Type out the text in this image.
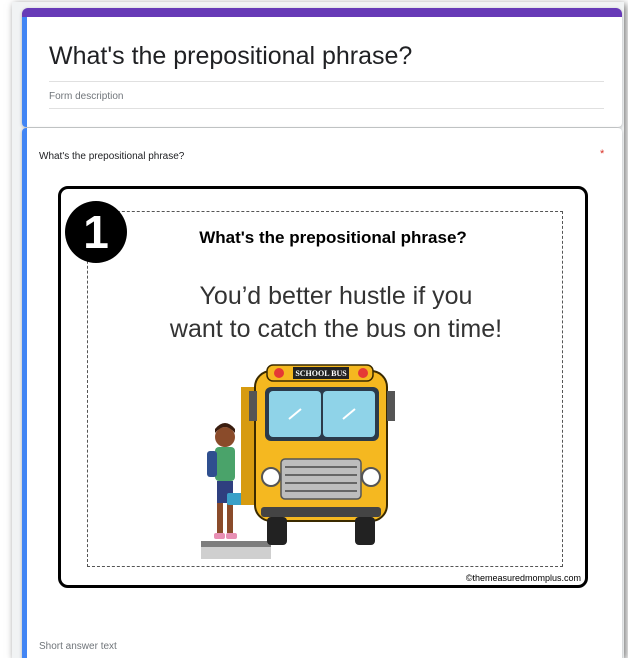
What's the prepositional phrase?
Form description
What's the prepositional phrase?	*
1	What's the prepositional phrase?
You’d better hustle if you
want to catch the bus on time!
SCHOOL BUS
©themeasuredmomplus.com
Short answer text
